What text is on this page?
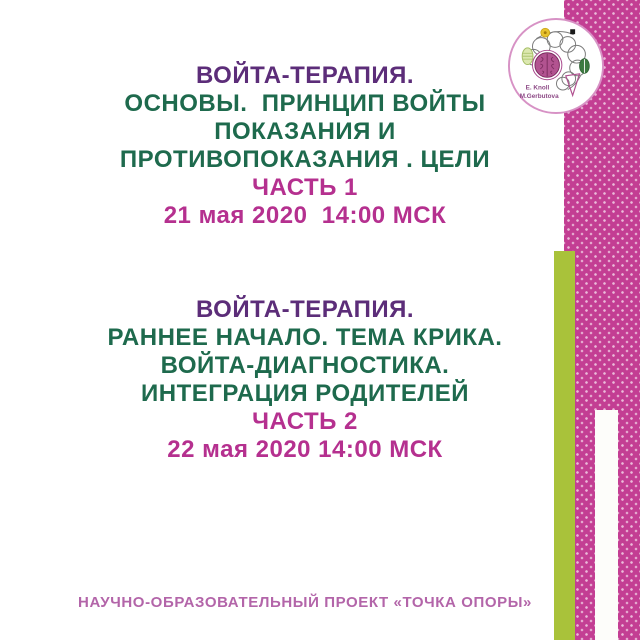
E. Knoll
M.Gerbutova
ВОЙТА-ТЕРАПИЯ.
ОСНОВЫ.  ПРИНЦИП ВОЙТЫ
ПОКАЗАНИЯ И
ПРОТИВОПОКАЗАНИЯ . ЦЕЛИ
ЧАСТЬ 1
21 мая 2020  14:00 МСК
ВОЙТА-ТЕРАПИЯ.
РАННЕЕ НАЧАЛО. ТЕМА КРИКА.
ВОЙТА-ДИАГНОСТИКА.
ИНТЕГРАЦИЯ РОДИТЕЛЕЙ
ЧАСТЬ 2
22 мая 2020 14:00 МСК
НАУЧНО-ОБРАЗОВАТЕЛЬНЫЙ ПРОЕКТ «ТОЧКА ОПОРЫ»
